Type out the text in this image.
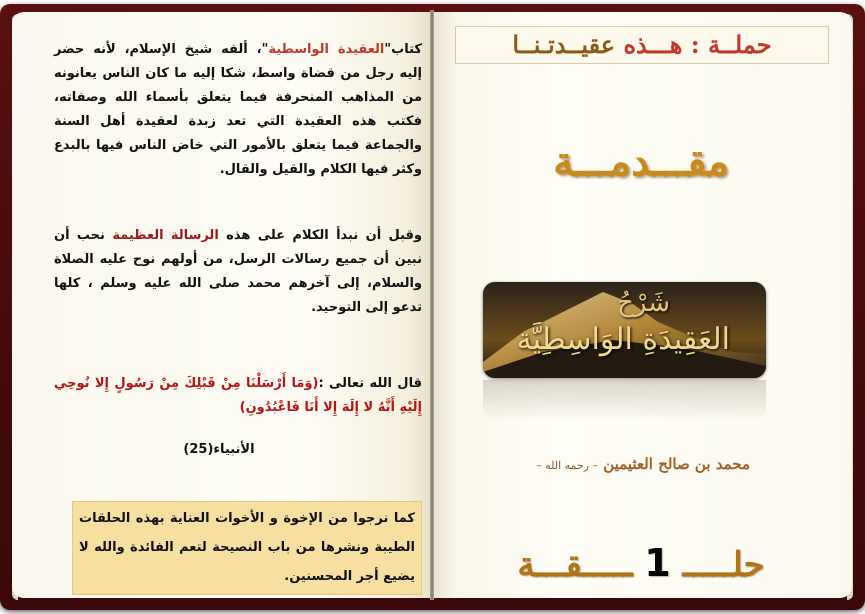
كتاب"العقيدة الواسطية"، ألفه شيخ الإسلام، لأنه حضر إليه رجل من قضاة واسط، شكا إليه ما كان الناس يعانونه من المذاهب المنحرفة فيما يتعلق بأسماء الله وصفاته، فكتب هذه العقيدة التي تعد زبدة لعقيدة أهل السنة والجماعة فيما يتعلق بالأمور التي خاض الناس فيها بالبدع وكثر فيها الكلام والقيل والقال.
وقبل أن نبدأ الكلام على هذه الرسالة العظيمة نحب أن نبين أن جميع رسالات الرسل، من أولهم نوح عليه الصلاة والسلام، إلى آخرهم محمد صلى الله عليه وسلم ، كلها تدعو إلى التوحيد.
قال الله تعالى :(وَمَا أَرْسَلْنَا مِنْ قَبْلِكَ مِنْ رَسُولٍ إِلا نُوحِي إِلَيْهِ أَنَّهُ لا إِلَهَ إِلا أَنَا فَاعْبُدُونِ)
الأنبياء(25)
كما نرجوا من الإخوة و الأخوات العناية بهذه الحلقات الطيبة ونشرها من باب النصيحة لتعم الفائدة والله لا يضيع أجر المحسنين.
حملــة : هـــذه عقيــدتـنــا
مقـــدمـــة
شَرْحُ
العَقِيدَةِ الوَاسِطِيَّة
محمد بن صالح العثيمين – رحمه الله –
حلـــــ 1 ـــــقـــة
